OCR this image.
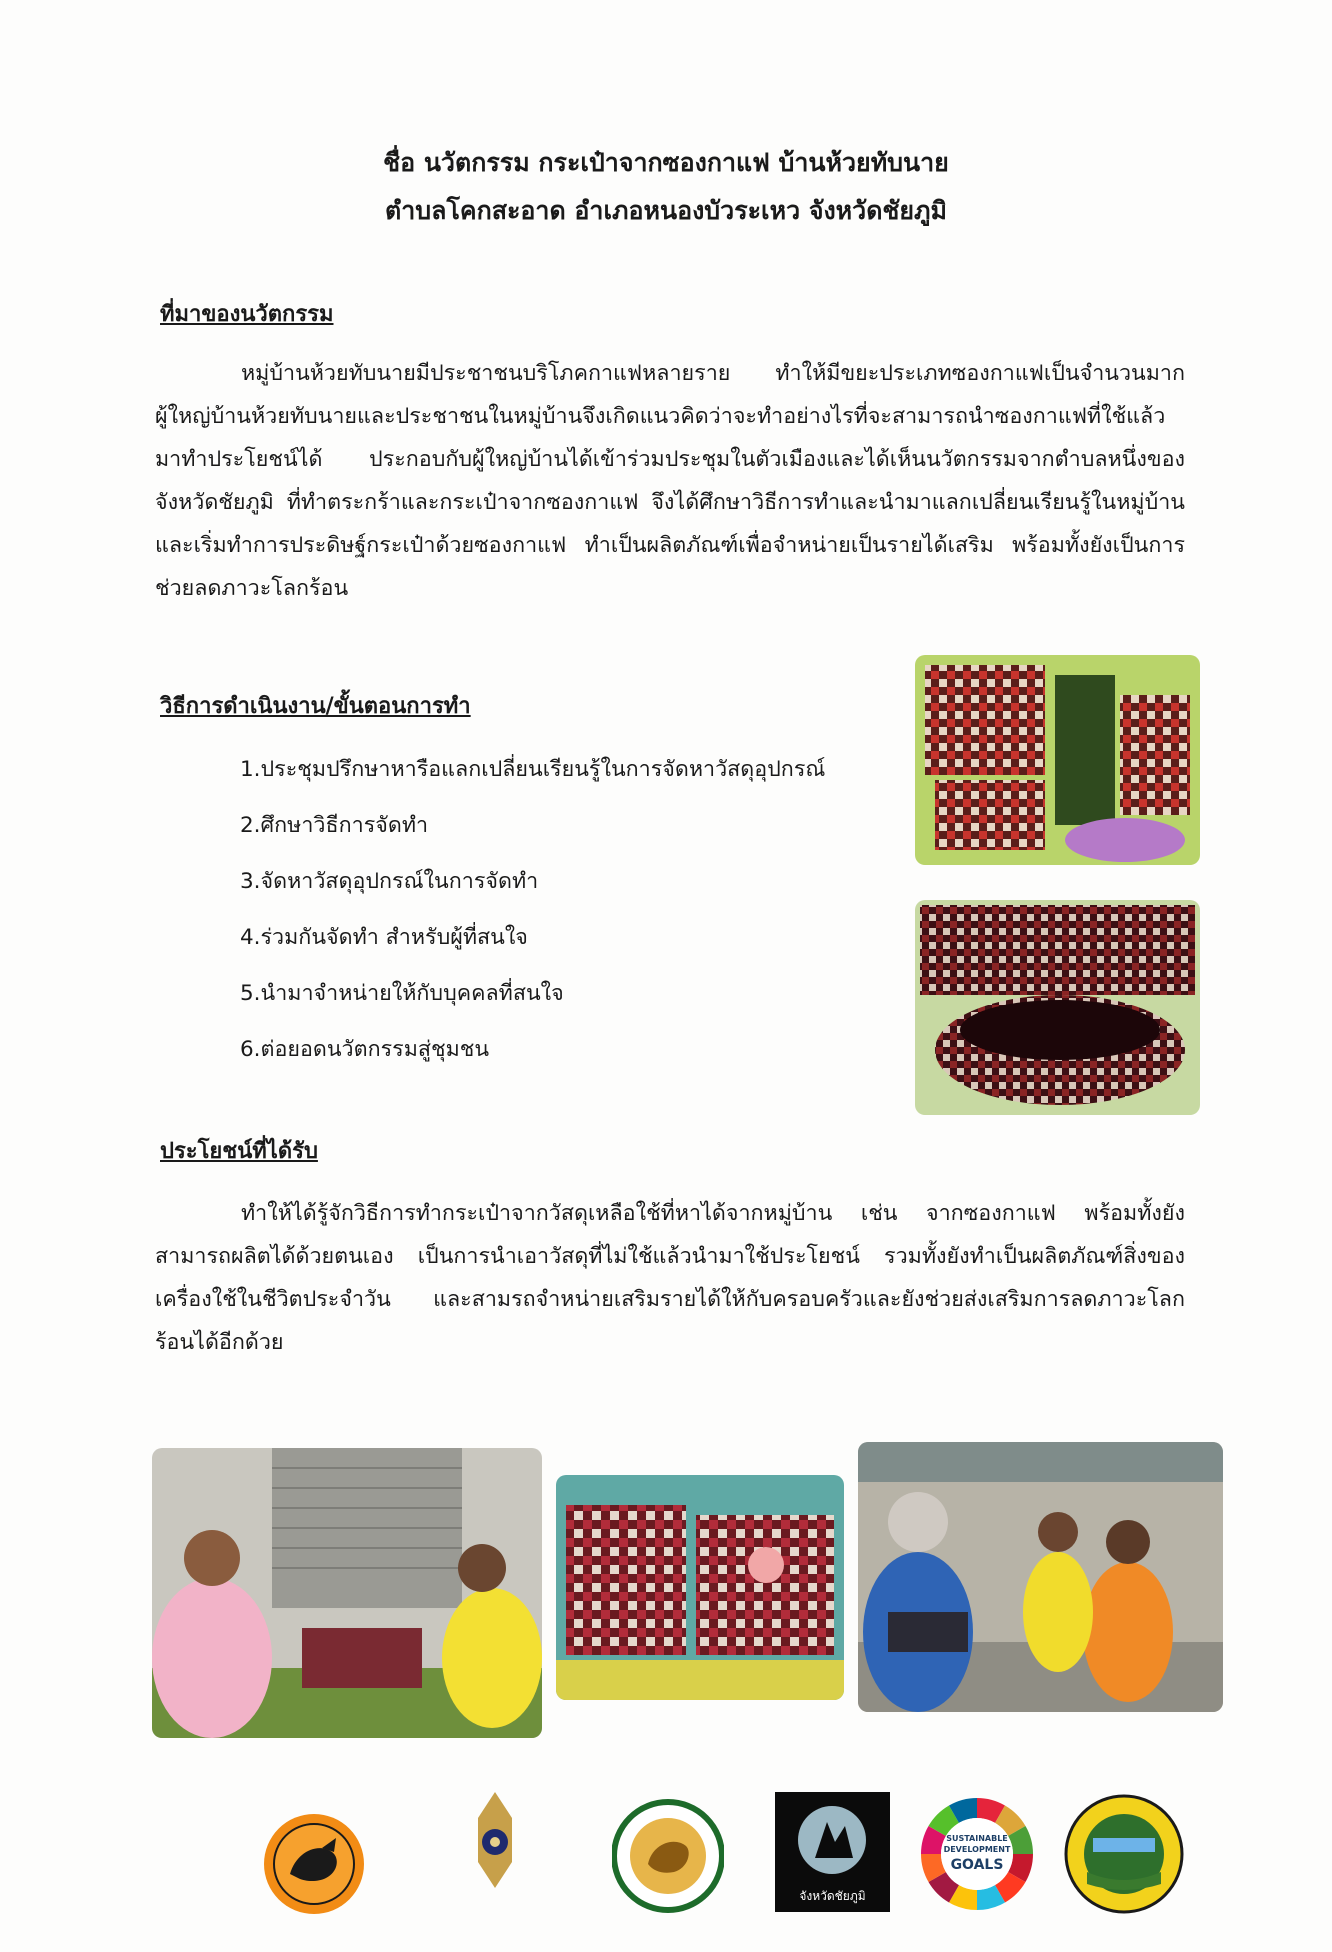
ชื่อ นวัตกรรม กระเป๋าจากซองกาแฟ บ้านห้วยทับนาย
ตำบลโคกสะอาด อำเภอหนองบัวระเหว จังหวัดชัยภูมิ
ที่มาของนวัตกรรม

หมู่บ้านห้วยทับนายมีประชาชนบริโภคกาแฟหลายราย ทำให้มีขยะประเภทซองกาแฟเป็นจำนวนมาก ผู้ใหญ่บ้านห้วยทับนายและประชาชนในหมู่บ้านจึงเกิดแนวคิดว่าจะทำอย่างไรที่จะสามารถนำซองกาแฟที่ใช้แล้วมาทำประโยชน์ได้ ประกอบกับผู้ใหญ่บ้านได้เข้าร่วมประชุมในตัวเมืองและได้เห็นนวัตกรรมจากตำบลหนึ่งของจังหวัดชัยภูมิ ที่ทำตระกร้าและกระเป๋าจากซองกาแฟ จึงได้ศึกษาวิธีการทำและนำมาแลกเปลี่ยนเรียนรู้ในหมู่บ้านและเริ่มทำการประดิษฐ์กระเป๋าด้วยซองกาแฟ ทำเป็นผลิตภัณฑ์เพื่อจำหน่ายเป็นรายได้เสริม พร้อมทั้งยังเป็นการช่วยลดภาวะโลกร้อน

วิธีการดำเนินงาน/ขั้นตอนการทำ
1.ประชุมปรึกษาหารือแลกเปลี่ยนเรียนรู้ในการจัดหาวัสดุอุปกรณ์
2.ศึกษาวิธีการจัดทำ
3.จัดหาวัสดุอุปกรณ์ในการจัดทำ
4.ร่วมกันจัดทำ สำหรับผู้ที่สนใจ
5.นำมาจำหน่ายให้กับบุคคลที่สนใจ
6.ต่อยอดนวัตกรรมสู่ชุมชน
ประโยชน์ที่ได้รับ

ทำให้ได้รู้จักวิธีการทำกระเป๋าจากวัสดุเหลือใช้ที่หาได้จากหมู่บ้าน เช่น จากซองกาแฟ พร้อมทั้งยังสามารถผลิตได้ด้วยตนเอง เป็นการนำเอาวัสดุที่ไม่ใช้แล้วนำมาใช้ประโยชน์ รวมทั้งยังทำเป็นผลิตภัณฑ์สิ่งของเครื่องใช้ในชีวิตประจำวัน และสามรถจำหน่ายเสริมรายได้ให้กับครอบครัวและยังช่วยส่งเสริมการลดภาวะโลกร้อนได้อีกด้วย

จังหวัดชัยภูมิ
SUSTAINABLE
DEVELOPMENT
GOALS
